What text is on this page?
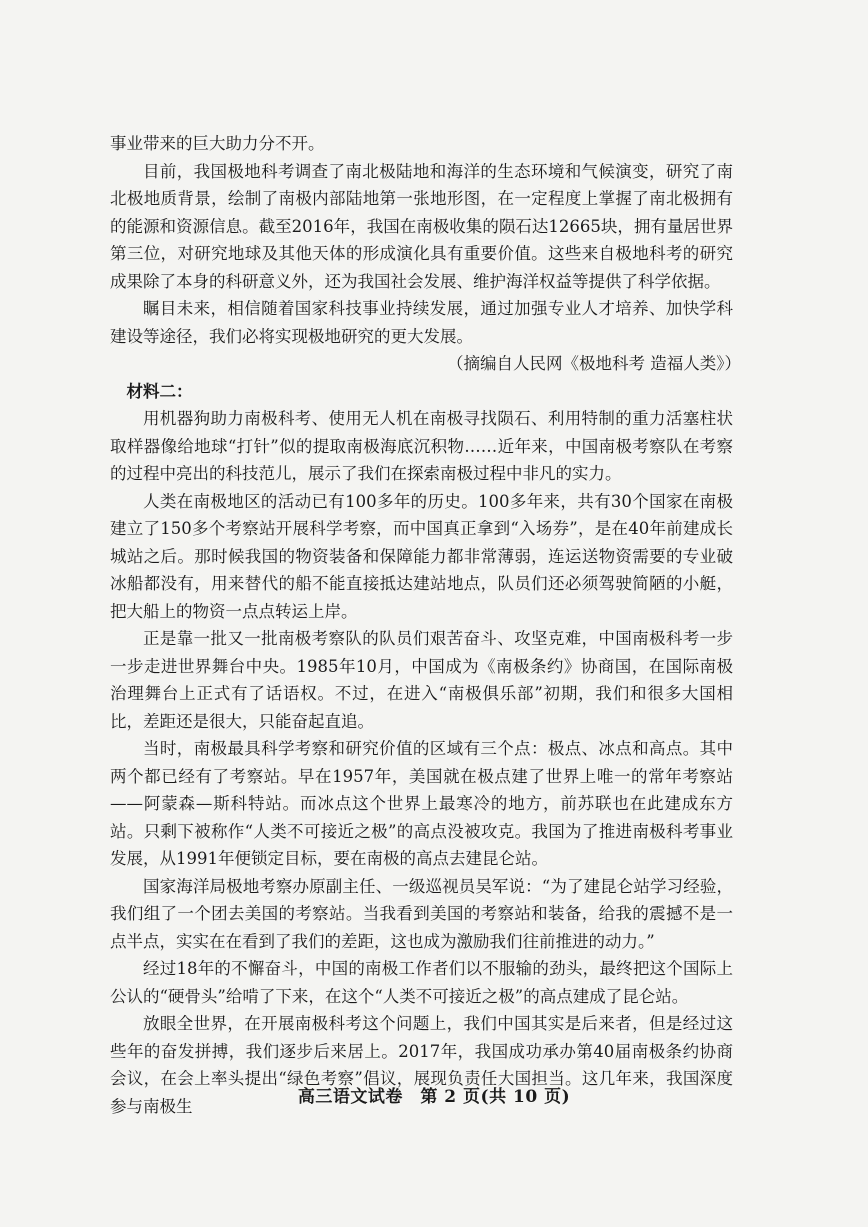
事业带来的巨大助力分不开。

目前，我国极地科考调查了南北极陆地和海洋的生态环境和气候演变，研究了南北极地质背景，绘制了南极内部陆地第一张地形图，在一定程度上掌握了南北极拥有的能源和资源信息。截至2016年，我国在南极收集的陨石达12665块，拥有量居世界第三位，对研究地球及其他天体的形成演化具有重要价值。这些来自极地科考的研究成果除了本身的科研意义外，还为我国社会发展、维护海洋权益等提供了科学依据。

瞩目未来，相信随着国家科技事业持续发展，通过加强专业人才培养、加快学科建设等途径，我们必将实现极地研究的更大发展。

（摘编自人民网《极地科考 造福人类》）

材料二：

用机器狗助力南极科考、使用无人机在南极寻找陨石、利用特制的重力活塞柱状取样器像给地球“打针”似的提取南极海底沉积物……近年来，中国南极考察队在考察的过程中亮出的科技范儿，展示了我们在探索南极过程中非凡的实力。

人类在南极地区的活动已有100多年的历史。100多年来，共有30个国家在南极建立了150多个考察站开展科学考察，而中国真正拿到“入场券”，是在40年前建成长城站之后。那时候我国的物资装备和保障能力都非常薄弱，连运送物资需要的专业破冰船都没有，用来替代的船不能直接抵达建站地点，队员们还必须驾驶简陋的小艇，把大船上的物资一点点转运上岸。

正是靠一批又一批南极考察队的队员们艰苦奋斗、攻坚克难，中国南极科考一步一步走进世界舞台中央。1985年10月，中国成为《南极条约》协商国，在国际南极治理舞台上正式有了话语权。不过，在进入“南极俱乐部”初期，我们和很多大国相比，差距还是很大，只能奋起直追。

当时，南极最具科学考察和研究价值的区域有三个点：极点、冰点和高点。其中两个都已经有了考察站。早在1957年，美国就在极点建了世界上唯一的常年考察站——阿蒙森—斯科特站。而冰点这个世界上最寒冷的地方，前苏联也在此建成东方站。只剩下被称作“人类不可接近之极”的高点没被攻克。我国为了推进南极科考事业发展，从1991年便锁定目标，要在南极的高点去建昆仑站。

国家海洋局极地考察办原副主任、一级巡视员吴军说：“为了建昆仑站学习经验，我们组了一个团去美国的考察站。当我看到美国的考察站和装备，给我的震撼不是一点半点，实实在在看到了我们的差距，这也成为激励我们往前推进的动力。”

经过18年的不懈奋斗，中国的南极工作者们以不服输的劲头，最终把这个国际上公认的“硬骨头”给啃了下来，在这个“人类不可接近之极”的高点建成了昆仑站。

放眼全世界，在开展南极科考这个问题上，我们中国其实是后来者，但是经过这些年的奋发拼搏，我们逐步后来居上。2017年，我国成功承办第40届南极条约协商会议，在会上率头提出“绿色考察”倡议，展现负责任大国担当。这几年来，我国深度参与南极生	高三语文试卷　第 2 页(共 10 页)
